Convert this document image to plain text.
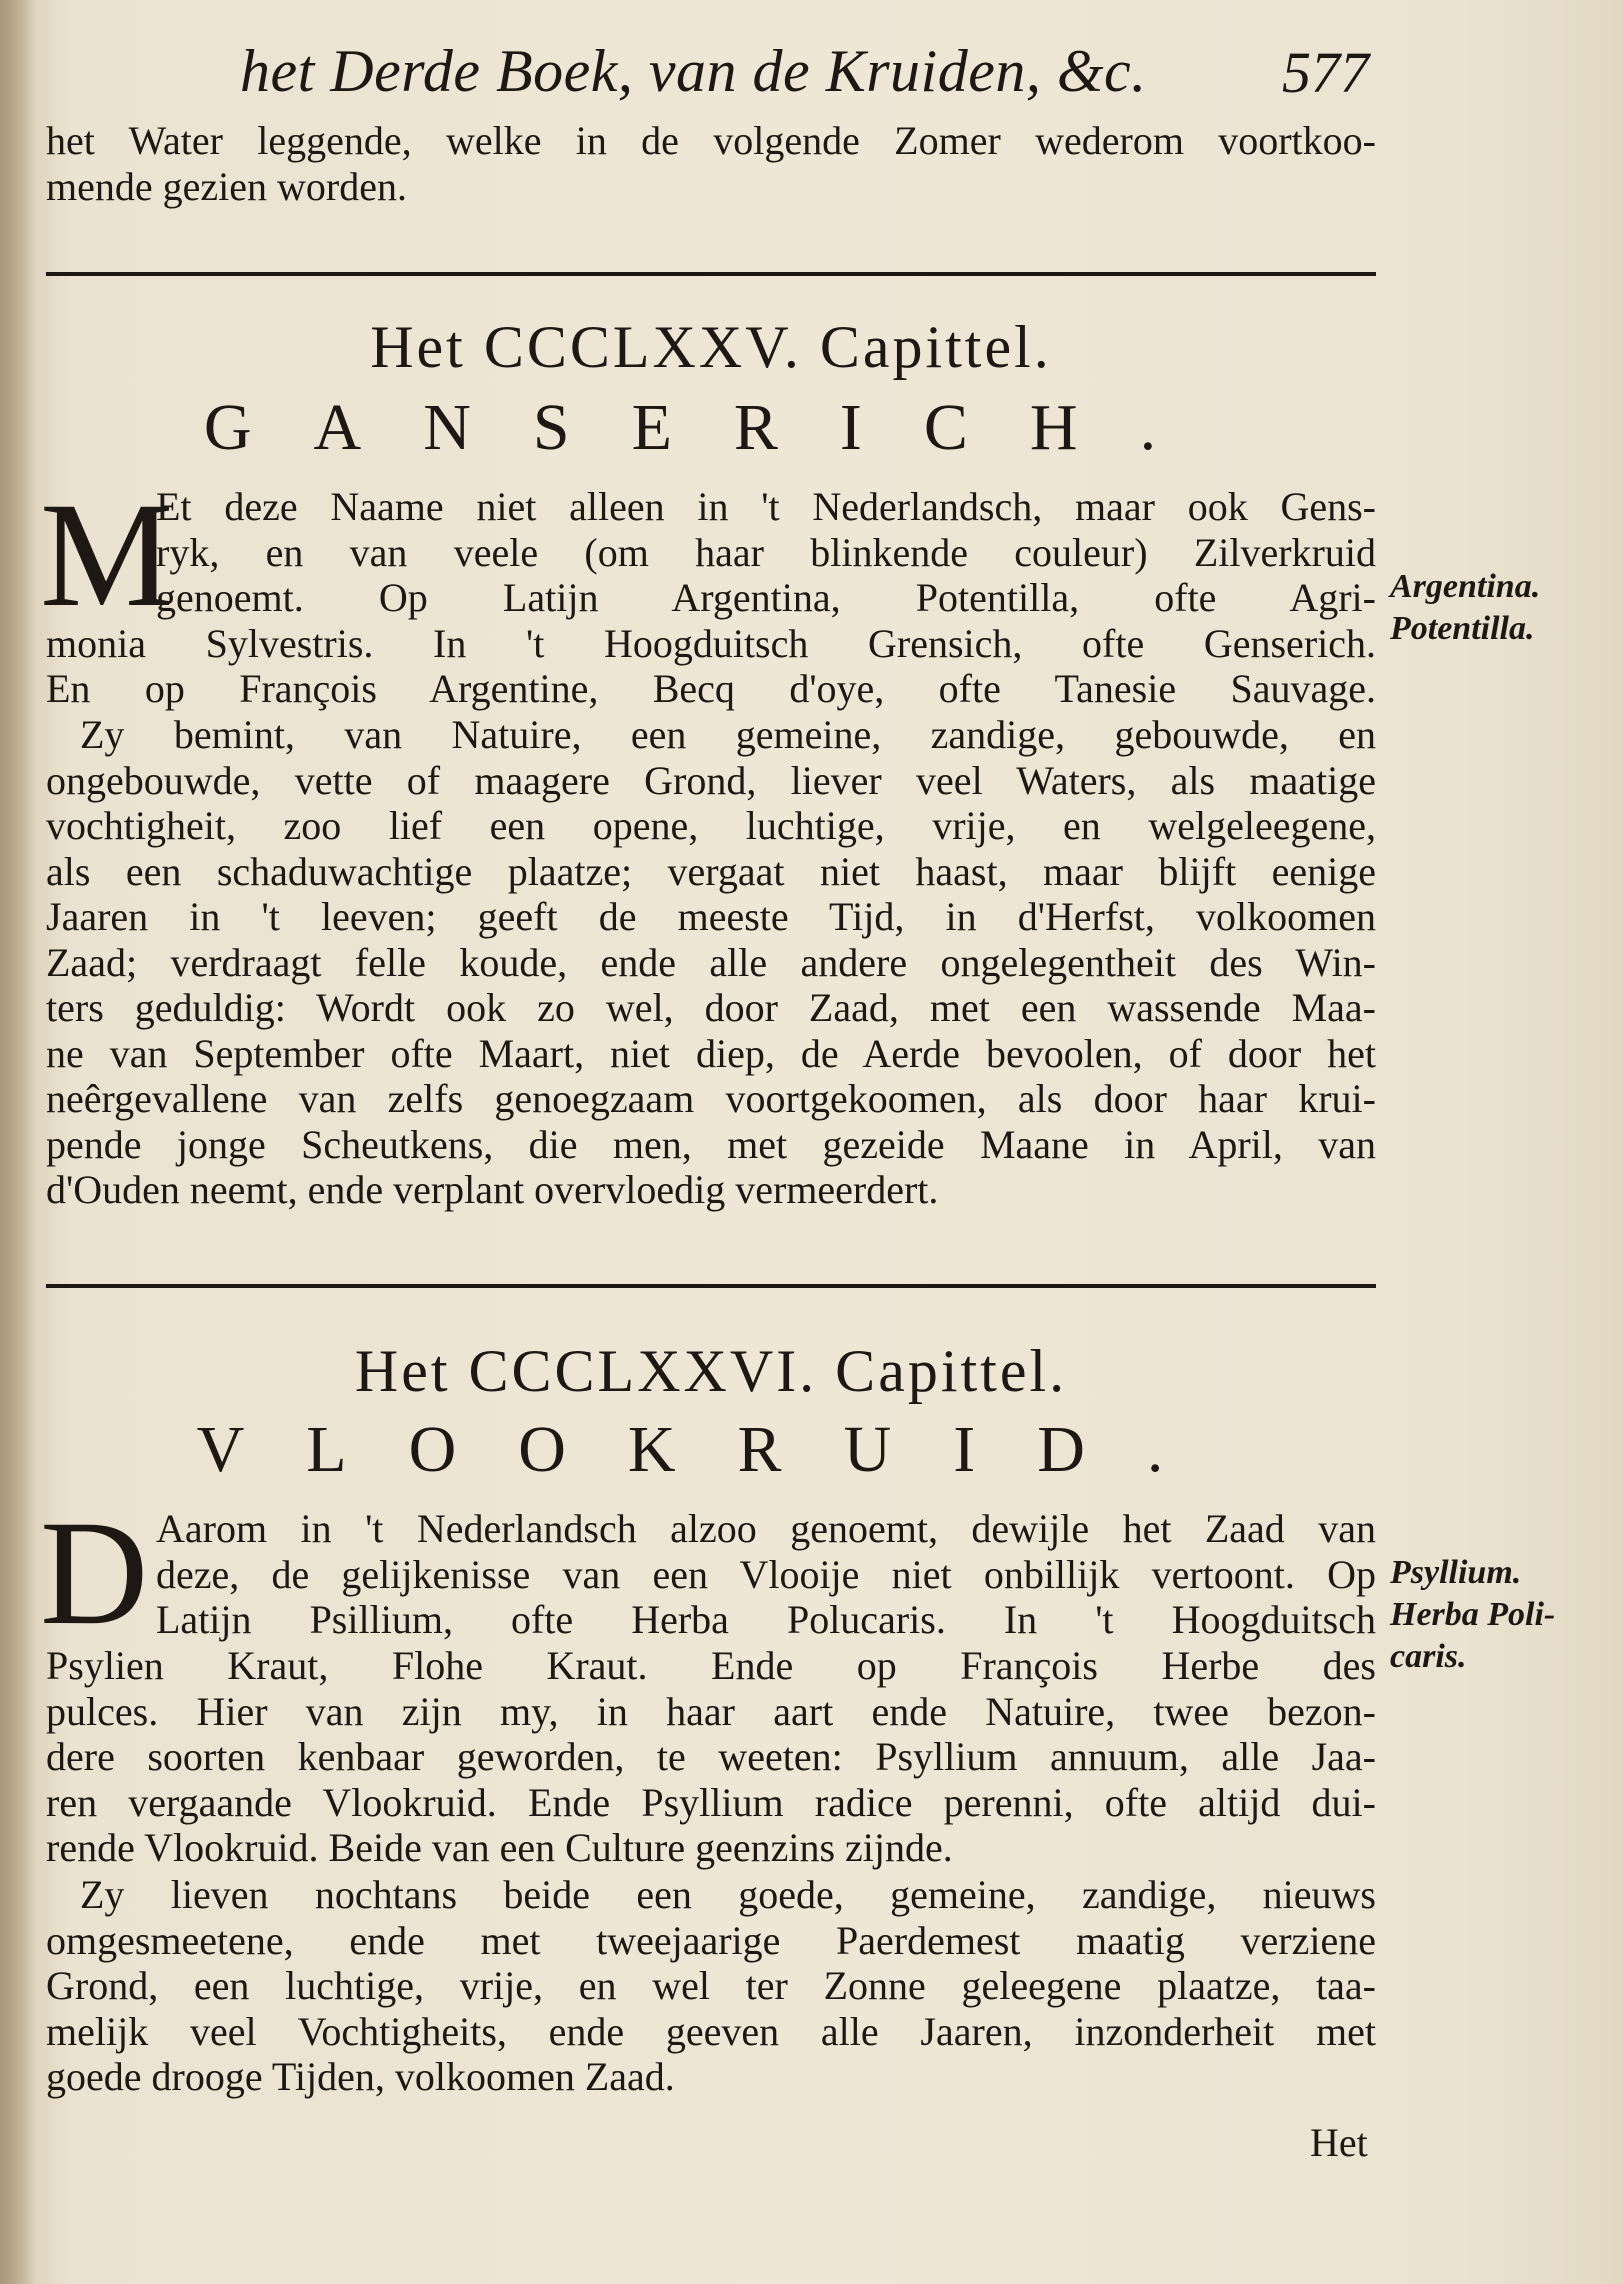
het Derde Boek, van de Kruiden, &c.	577
het Water leggende, welke in de volgende Zomer wederom voortkoo-
mende gezien worden.
Het CCCLXXV. Capittel.
GANSERICH.
M
Et deze Naame niet alleen in 't Nederlandsch, maar ook Gens-
ryk, en van veele (om haar blinkende couleur) Zilverkruid
genoemt. Op Latijn Argentina, Potentilla, ofte Agri-
monia Sylvestris. In 't Hoogduitsch Grensich, ofte Genserich.
En op François Argentine, Becq d'oye, ofte Tanesie Sauvage.
Zy bemint, van Natuire, een gemeine, zandige, gebouwde, en
ongebouwde, vette of maagere Grond, liever veel Waters, als maatige
vochtigheit, zoo lief een opene, luchtige, vrije, en welgeleegene,
als een schaduwachtige plaatze; vergaat niet haast, maar blijft eenige
Jaaren in 't leeven; geeft de meeste Tijd, in d'Herfst, volkoomen
Zaad; verdraagt felle koude, ende alle andere ongelegentheit des Win-
ters geduldig: Wordt ook zo wel, door Zaad, met een wassende Maa-
ne van September ofte Maart, niet diep, de Aerde bevoolen, of door het
neêrgevallene van zelfs genoegzaam voortgekoomen, als door haar krui-
pende jonge Scheutkens, die men, met gezeide Maane in April, van
d'Ouden neemt, ende verplant overvloedig vermeerdert.
Argentina.
Potentilla.
Het CCCLXXVI. Capittel.
VLOOKRUID.
D Aarom in 't Nederlandsch alzoo genoemt, dewijle het Zaad van
deze, de gelijkenisse van een Vlooije niet onbillijk vertoont. Op
Latijn Psillium, ofte Herba Polucaris. In 't Hoogduitsch
Psylien Kraut, Flohe Kraut. Ende op François Herbe des
pulces. Hier van zijn my, in haar aart ende Natuire, twee bezon-
dere soorten kenbaar geworden, te weeten: Psyllium annuum, alle Jaa-
ren vergaande Vlookruid. Ende Psyllium radice perenni, ofte altijd dui-
rende Vlookruid. Beide van een Culture geenzins zijnde.
Zy lieven nochtans beide een goede, gemeine, zandige, nieuws
omgesmeetene, ende met tweejaarige Paerdemest maatig verziene
Grond, een luchtige, vrije, en wel ter Zonne geleegene plaatze, taa-
melijk veel Vochtigheits, ende geeven alle Jaaren, inzonderheit met
goede drooge Tijden, volkoomen Zaad.
Psyllium.
Herba Poli-
caris.
Het
